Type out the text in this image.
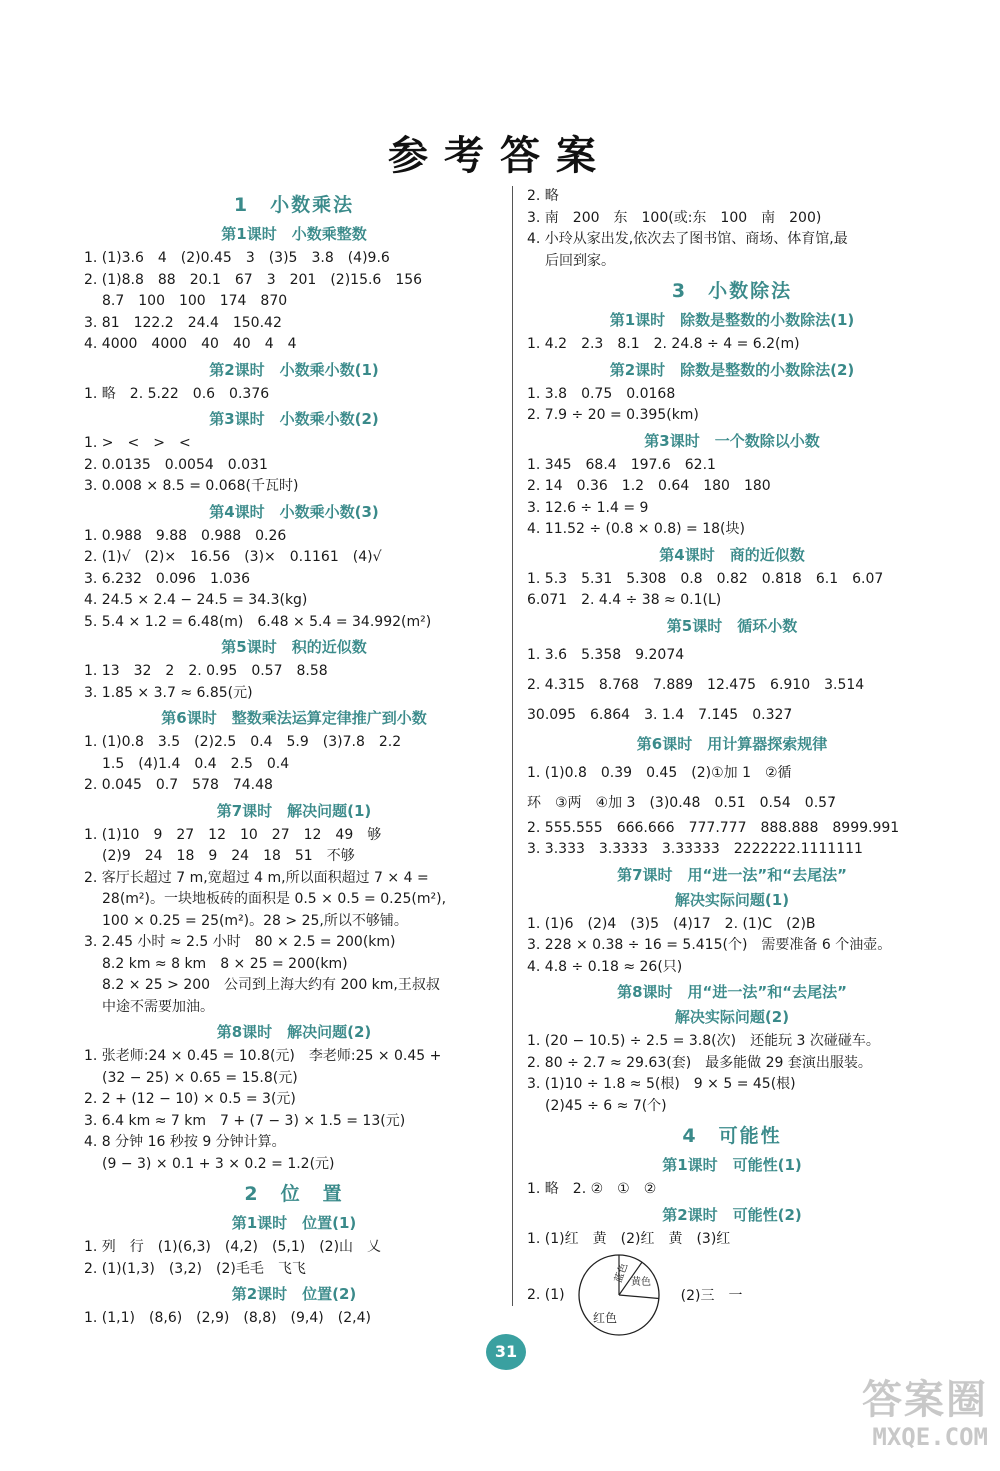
参考答案
1　小数乘法
第1课时　小数乘整数
1. (1)3.6　4　(2)0.45　3　(3)5　3.8　(4)9.6
2. (1)8.8　88　20.1　67　3　201　(2)15.6　156
8.7　100　100　174　870
3. 81　122.2　24.4　150.42
4. 4000　4000　40　40　4　4
第2课时　小数乘小数(1)
1. 略　2. 5.22　0.6　0.376
第3课时　小数乘小数(2)
1. >　<　>　<
2. 0.0135　0.0054　0.031
3. 0.008 × 8.5 = 0.068(千瓦时)
第4课时　小数乘小数(3)
1. 0.988　9.88　0.988　0.26
2. (1)√　(2)×　16.56　(3)×　0.1161　(4)√
3. 6.232　0.096　1.036
4. 24.5 × 2.4 − 24.5 = 34.3(kg)
5. 5.4 × 1.2 = 6.48(m)　6.48 × 5.4 = 34.992(m²)
第5课时　积的近似数
1. 13　32　2　2. 0.95　0.57　8.58
3. 1.85 × 3.7 ≈ 6.85(元)
第6课时　整数乘法运算定律推广到小数
1. (1)0.8　3.5　(2)2.5　0.4　5.9　(3)7.8　2.2
1.5　(4)1.4　0.4　2.5　0.4
2. 0.045　0.7　578　74.48
第7课时　解决问题(1)
1. (1)10　9　27　12　10　27　12　49　够
(2)9　24　18　9　24　18　51　不够
2. 客厅长超过 7 m,宽超过 4 m,所以面积超过 7 × 4 =
28(m²)。一块地板砖的面积是 0.5 × 0.5 = 0.25(m²),
100 × 0.25 = 25(m²)。28 > 25,所以不够铺。
3. 2.45 小时 ≈ 2.5 小时　80 × 2.5 = 200(km)
8.2 km ≈ 8 km　8 × 25 = 200(km)
8.2 × 25 > 200　公司到上海大约有 200 km,王叔叔
中途不需要加油。
第8课时　解决问题(2)
1. 张老师:24 × 0.45 = 10.8(元)　李老师:25 × 0.45 +
(32 − 25) × 0.65 = 15.8(元)
2. 2 + (12 − 10) × 0.5 = 3(元)
3. 6.4 km ≈ 7 km　7 + (7 − 3) × 1.5 = 13(元)
4. 8 分钟 16 秒按 9 分钟计算。
(9 − 3) × 0.1 + 3 × 0.2 = 1.2(元)
2　位　置
第1课时　位置(1)
1. 列　行　(1)(6,3)　(4,2)　(5,1)　(2)山　乂
2. (1)(1,3)　(3,2)　(2)毛毛　飞飞
第2课时　位置(2)
1. (1,1)　(8,6)　(2,9)　(8,8)　(9,4)　(2,4)
2. 略
3. 南　200　东　100(或:东　100　南　200)
4. 小玲从家出发,依次去了图书馆、商场、体育馆,最
后回到家。
3　小数除法
第1课时　除数是整数的小数除法(1)
1. 4.2　2.3　8.1　2. 24.8 ÷ 4 = 6.2(m)
第2课时　除数是整数的小数除法(2)
1. 3.8　0.75　0.0168
2. 7.9 ÷ 20 = 0.395(km)
第3课时　一个数除以小数
1. 345　68.4　197.6　62.1
2. 14　0.36　1.2　0.64　180　180
3. 12.6 ÷ 1.4 = 9
4. 11.52 ÷ (0.8 × 0.8) = 18(块)
第4课时　商的近似数
1. 5.3　5.31　5.308　0.8　0.82　0.818　6.1　6.07
6.071　2. 4.4 ÷ 38 ≈ 0.1(L)
第5课时　循环小数
1. 3.6̇　5.3̇58̇　9.20̇74̇
2. 4.315　8.768　7.889　12.475　6.910　3.514
30.095　6.864　3. 1.4̇　7.1̇45̇　0.3̇27̇
第6课时　用计算器探索规律
1. (1)0.8̇　0.3̇9̇　0.4̇5̇　(2)①加 1　②循
环　③两　④加 3　(3)0.4̇8̇　0.5̇1̇　0.5̇4̇　0.5̇7̇
2. 555.555　666.666　777.777　888.888　8999.991
3. 3.333　3.3333　3.33333　2222222.1111111
第7课时　用“进一法”和“去尾法”
解决实际问题(1)
1. (1)6　(2)4　(3)5　(4)17　2. (1)C　(2)B
3. 228 × 0.38 ÷ 16 = 5.415(个)　需要准备 6 个油壶。
4. 4.8 ÷ 0.18 ≈ 26(只)
第8课时　用“进一法”和“去尾法”
解决实际问题(2)
1. (20 − 10.5) ÷ 2.5 = 3.8(次)　还能玩 3 次碰碰车。
2. 80 ÷ 2.7 ≈ 29.63(套)　最多能做 29 套演出服装。
3. (1)10 ÷ 1.8 ≈ 5(根)　9 × 5 = 45(根)
(2)45 ÷ 6 ≈ 7(个)
4　可能性
第1课时　可能性(1)
1. 略　2. ②　①　②
第2课时　可能性(2)
1. (1)红　黄　(2)红　黄　(3)红
2. (1)
蓝色 黄色
红色
(2)三　一
31
答案圈
MXQE.COM
